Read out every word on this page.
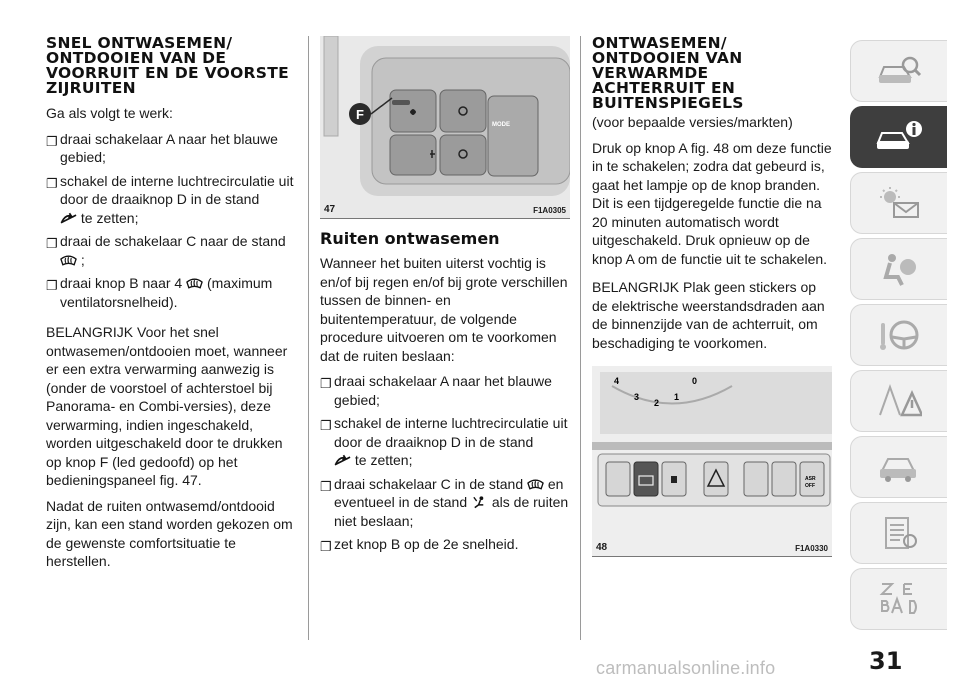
SNEL ONTWASEMEN/ ONTDOOIEN VAN DE VOORRUIT EN DE VOORSTE ZIJRUITEN

Ga als volgt te werk:

❐ draai schakelaar A naar het blauwe gebied;
❐ schakel de interne luchtrecirculatie uit door de draaiknop D in de stand
te zetten;
❐ draai de schakelaar C naar de stand
;
❐ draai knop B naar 4 (maximum ventilatorsnelheid).

BELANGRIJK Voor het snel ontwasemen/ontdooien moet, wanneer er een extra verwarming aanwezig is (onder de voorstoel of achterstoel bij Panorama- en Combi-versies), deze verwarming, indien ingeschakeld, worden uitgeschakeld door te drukken op knop F (led gedoofd) op het bedieningspaneel fig. 47.

Nadat de ruiten ontwasemd/ontdooid zijn, kan een stand worden gekozen om de gewenste comfortsituatie te herstellen.

F
MODE
47	F1A0305
Ruiten ontwasemen

Wanneer het buiten uiterst vochtig is en/of bij regen en/of bij grote verschillen tussen de binnen- en buitentemperatuur, de volgende procedure uitvoeren om te voorkomen dat de ruiten beslaan:

❐ draai schakelaar A naar het blauwe gebied;
❐ schakel de interne luchtrecirculatie uit door de draaiknop D in de stand
te zetten;
❐ draai schakelaar C in de stand en eventueel in de stand als de ruiten niet beslaan;
❐ zet knop B op de 2e snelheid.
ONTWASEMEN/ ONTDOOIEN VAN VERWARMDE ACHTERRUIT EN BUITENSPIEGELS

(voor bepaalde versies/markten)

Druk op knop A fig. 48 om deze functie in te schakelen; zodra dat gebeurd is, gaat het lampje op de knop branden. Dit is een tijdgeregelde functie die na 20 minuten automatisch wordt uitgeschakeld. Druk opnieuw op de knop A om de functie uit te schakelen.

BELANGRIJK Plak geen stickers op de elektrische weerstandsdraden aan de binnenzijde van de achterruit, om beschadiging te voorkomen.

4
3
2
1
0
ASR
OFF
48	F1A0330
31
carmanualsonline.info
